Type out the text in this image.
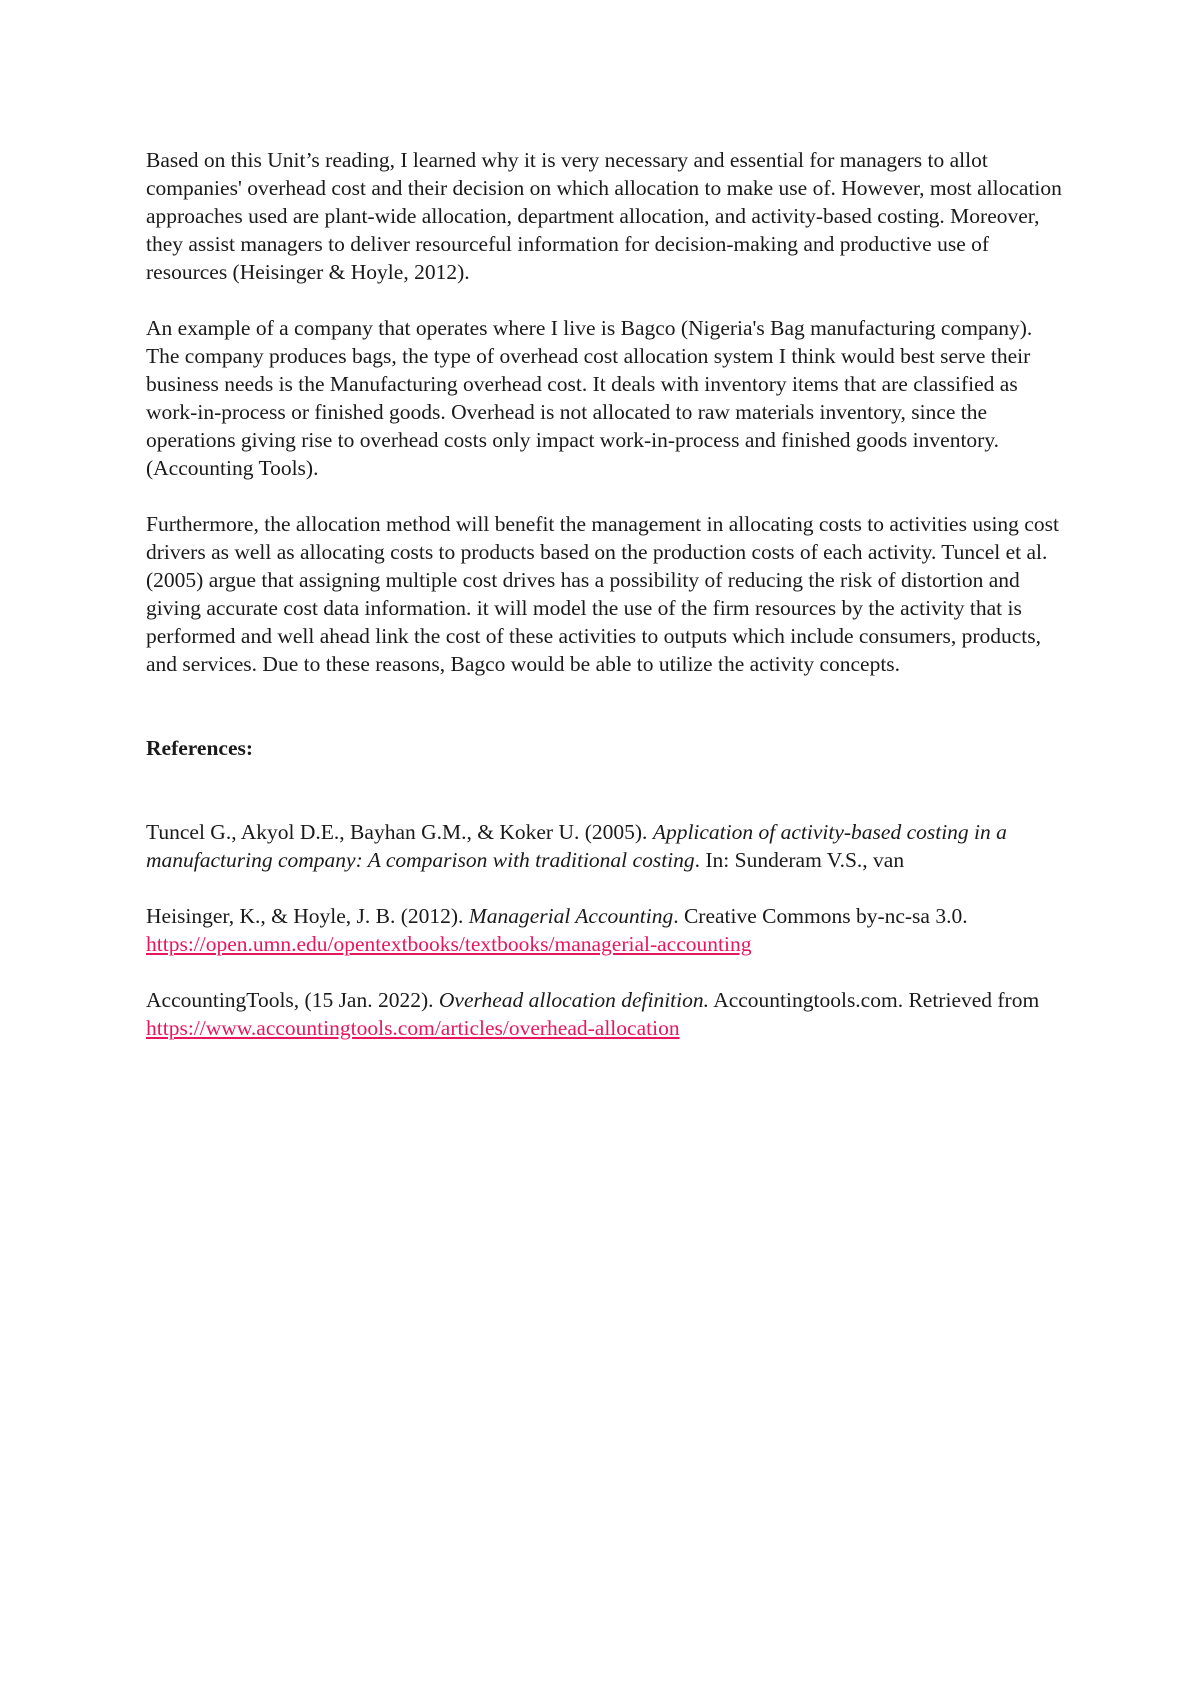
Based on this Unit’s reading, I learned why it is very necessary and essential for managers to allot companies' overhead cost and their decision on which allocation to make use of. However, most allocation approaches used are plant-wide allocation, department allocation, and activity-based costing. Moreover, they assist managers to deliver resourceful information for decision-making and productive use of resources (Heisinger & Hoyle, 2012).

An example of a company that operates where I live is Bagco (Nigeria's Bag manufacturing company). The company produces bags, the type of overhead cost allocation system I think would best serve their business needs is the Manufacturing overhead cost. It deals with inventory items that are classified as work-in-process or finished goods. Overhead is not allocated to raw materials inventory, since the operations giving rise to overhead costs only impact work-in-process and finished goods inventory. (Accounting Tools).

Furthermore, the allocation method will benefit the management in allocating costs to activities using cost drivers as well as allocating costs to products based on the production costs of each activity. Tuncel et al. (2005) argue that assigning multiple cost drives has a possibility of reducing the risk of distortion and giving accurate cost data information. it will model the use of the firm resources by the activity that is performed and well ahead link the cost of these activities to outputs which include consumers, products, and services. Due to these reasons, Bagco would be able to utilize the activity concepts.

References:

Tuncel G., Akyol D.E., Bayhan G.M., & Koker U. (2005). Application of activity-based costing in a manufacturing company: A comparison with traditional costing. In: Sunderam V.S., van

Heisinger, K., & Hoyle, J. B. (2012). Managerial Accounting. Creative Commons by-nc-sa 3.0. https://open.umn.edu/opentextbooks/textbooks/managerial-accounting

AccountingTools, (15 Jan. 2022). Overhead allocation definition. Accountingtools.com. Retrieved from https://www.accountingtools.com/articles/overhead-allocation
